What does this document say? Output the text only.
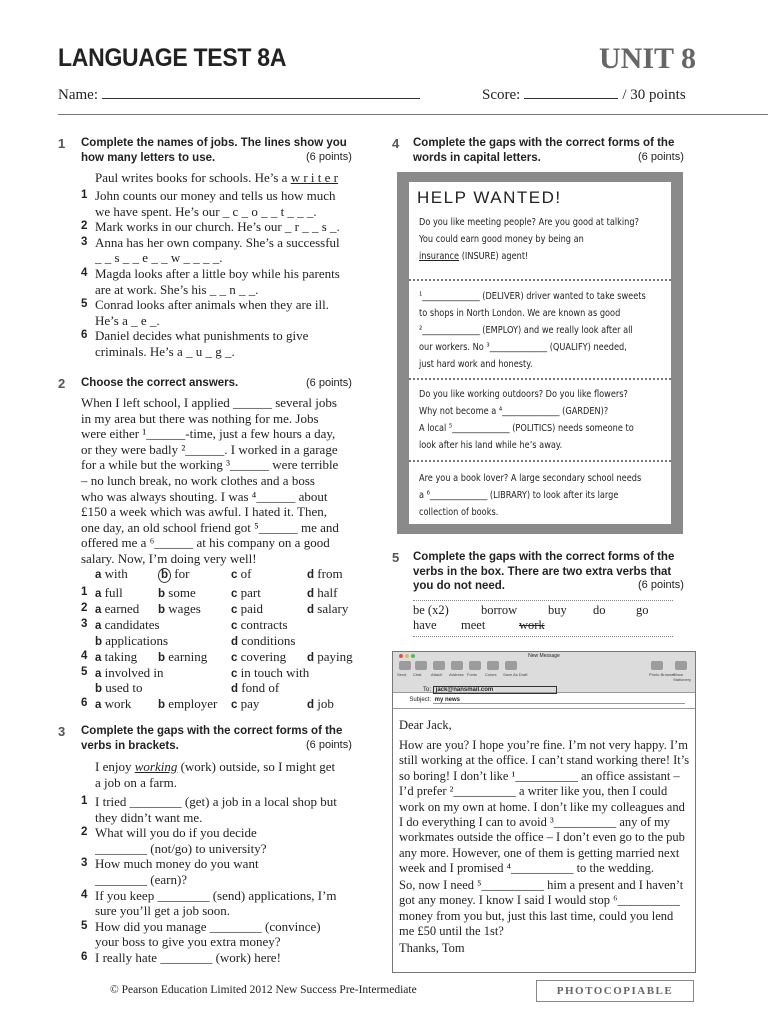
LANGUAGE TEST 8A	UNIT 8
Name:	Score:	/ 30 points
1 Complete the names of jobs. The lines show you how many letters to use.	(6 points)
Paul writes books for schools. He’s a w r i t e r
1 John counts our money and tells us how much
we have spent. He’s our _ c _ o _ _ t _ _ _.
2 Mark works in our church. He’s our _ r _ _ s _.
3 Anna has her own company. She’s a successful
_ _ s _ _ e _ _ w _ _ _ _.
4 Magda looks after a little boy while his parents
are at work. She’s his _ _ n _ _.
5 Conrad looks after animals when they are ill.
He’s a _ e _.
6 Daniel decides what punishments to give
criminals. He’s a _ u _ g _.
2 Choose the correct answers.	(6 points)
When I left school, I applied ______ several jobs
in my area but there was nothing for me. Jobs
were either ¹______-time, just a few hours a day,
or they were badly ²______. I worked in a garage
for a while but the working ³______ were terrible
– no lunch break, no work clothes and a boss
who was always shouting. I was ⁴______ about
£150 a week which was awful. I hated it. Then,
one day, an old school friend got ⁵______ me and
offered me a ⁶______ at his company on a good
salary. Now, I’m doing very well!
a with	b for	c of	d from
1 a full	b some	c part	d half
2 a earned b wages	c paid	d salary
3 a candidates	c contracts
b applications	d conditions
4 a taking b earning c covering d paying
5 a involved in	c in touch with
b used to	d fond of
6 a work b employer c pay	d job
3 Complete the gaps with the correct forms of the verbs in brackets.	(6 points)
I enjoy working (work) outside, so I might get
a job on a farm.
1 I tried ________ (get) a job in a local shop but
they didn’t want me.
2 What will you do if you decide
________ (not/go) to university?
3 How much money do you want
________ (earn)?
4 If you keep ________ (send) applications, I’m
sure you’ll get a job soon.
5 How did you manage ________ (convince)
your boss to give you extra money?
6 I really hate ________ (work) here!
4 Complete the gaps with the correct forms of the words in capital letters.	(6 points)
HELP WANTED!
Do you like meeting people? Are you good at talking?
You could earn good money by being an
insurance (INSURE) agent!
¹______________ (DELIVER) driver wanted to take sweets
to shops in North London. We are known as good
²______________ (EMPLOY) and we really look after all
our workers. No ³______________ (QUALIFY) needed,
just hard work and honesty.
Do you like working outdoors? Do you like flowers?
Why not become a ⁴______________ (GARDEN)?
A local ⁵______________ (POLITICS) needs someone to
look after his land while he’s away.
Are you a book lover? A large secondary school needs
a ⁶______________ (LIBRARY) to look after its large
collection of books.
5 Complete the gaps with the correct forms of the verbs in the box. There are two extra verbs that you do not need.	(6 points)
be (x2)	borrow buy do go
have meet	work
New Message
Send Chat Attach Address Fonts Colors Save As Draft	Photo Browser
Show Stationery
To: jack@nansmail.com
Subject: my news
Dear Jack,
How are you? I hope you’re fine. I’m not very happy. I’m
still working at the office. I can’t stand working there! It’s
so boring! I don’t like ¹__________ an office assistant –
I’d prefer ²__________ a writer like you, then I could
work on my own at home. I don’t like my colleagues and
I do everything I can to avoid ³__________ any of my
workmates outside the office – I don’t even go to the pub
any more. However, one of them is getting married next
week and I promised ⁴__________ to the wedding.
So, now I need ⁵__________ him a present and I haven’t
got any money. I know I said I would stop ⁶__________
money from you but, just this last time, could you lend
me £50 until the 1st?
Thanks, Tom
© Pearson Education Limited 2012 New Success Pre-Intermediate	PHOTOCOPIABLE
